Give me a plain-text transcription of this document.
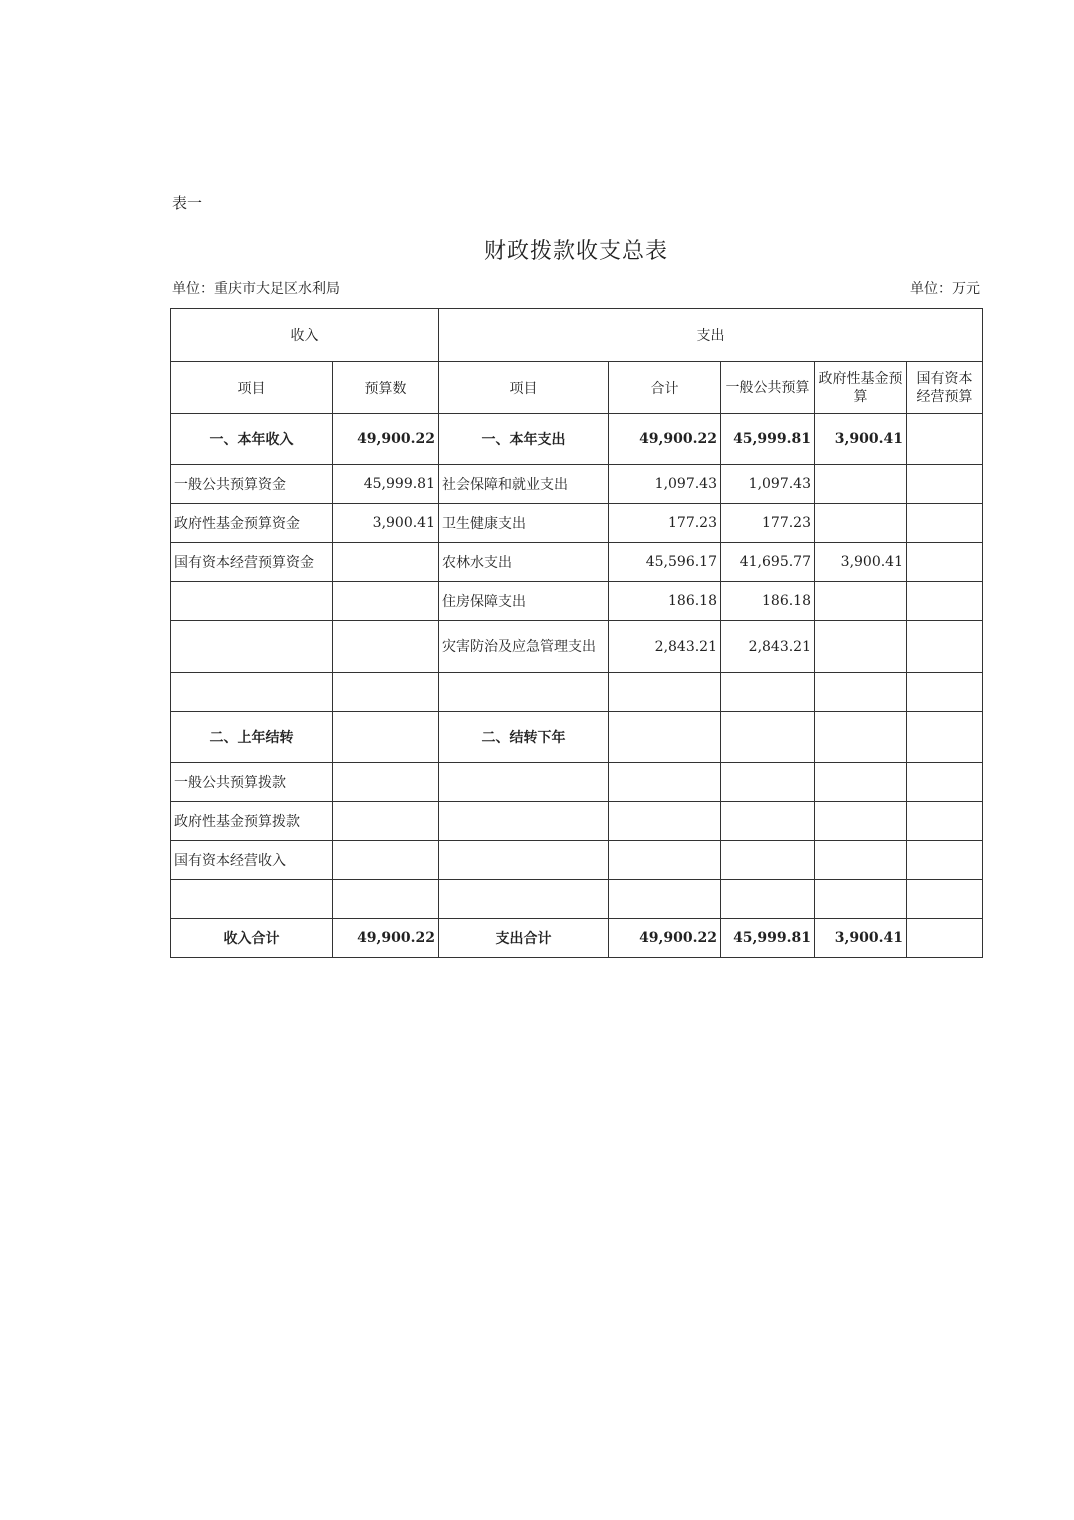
表一
财政拨款收支总表
单位：重庆市大足区水利局	单位：万元
收入		支出				
项目	预算数	项目	合计	一般公共预算	政府性基金预算	国有资本经营预算
一、本年收入	49,900.22	一、本年支出	49,900.22	45,999.81	3,900.41	
一般公共预算资金	45,999.81	社会保障和就业支出	1,097.43	1,097.43		
政府性基金预算资金	3,900.41	卫生健康支出	177.23	177.23		
国有资本经营预算资金		农林水支出	45,596.17	41,695.77	3,900.41	
		住房保障支出	186.18	186.18		
		灾害防治及应急管理支出	2,843.21	2,843.21		

二、上年结转		二、结转下年				
一般公共预算拨款						
政府性基金预算拨款						
国有资本经营收入						

收入合计	49,900.22	支出合计	49,900.22	45,999.81	3,900.41	
